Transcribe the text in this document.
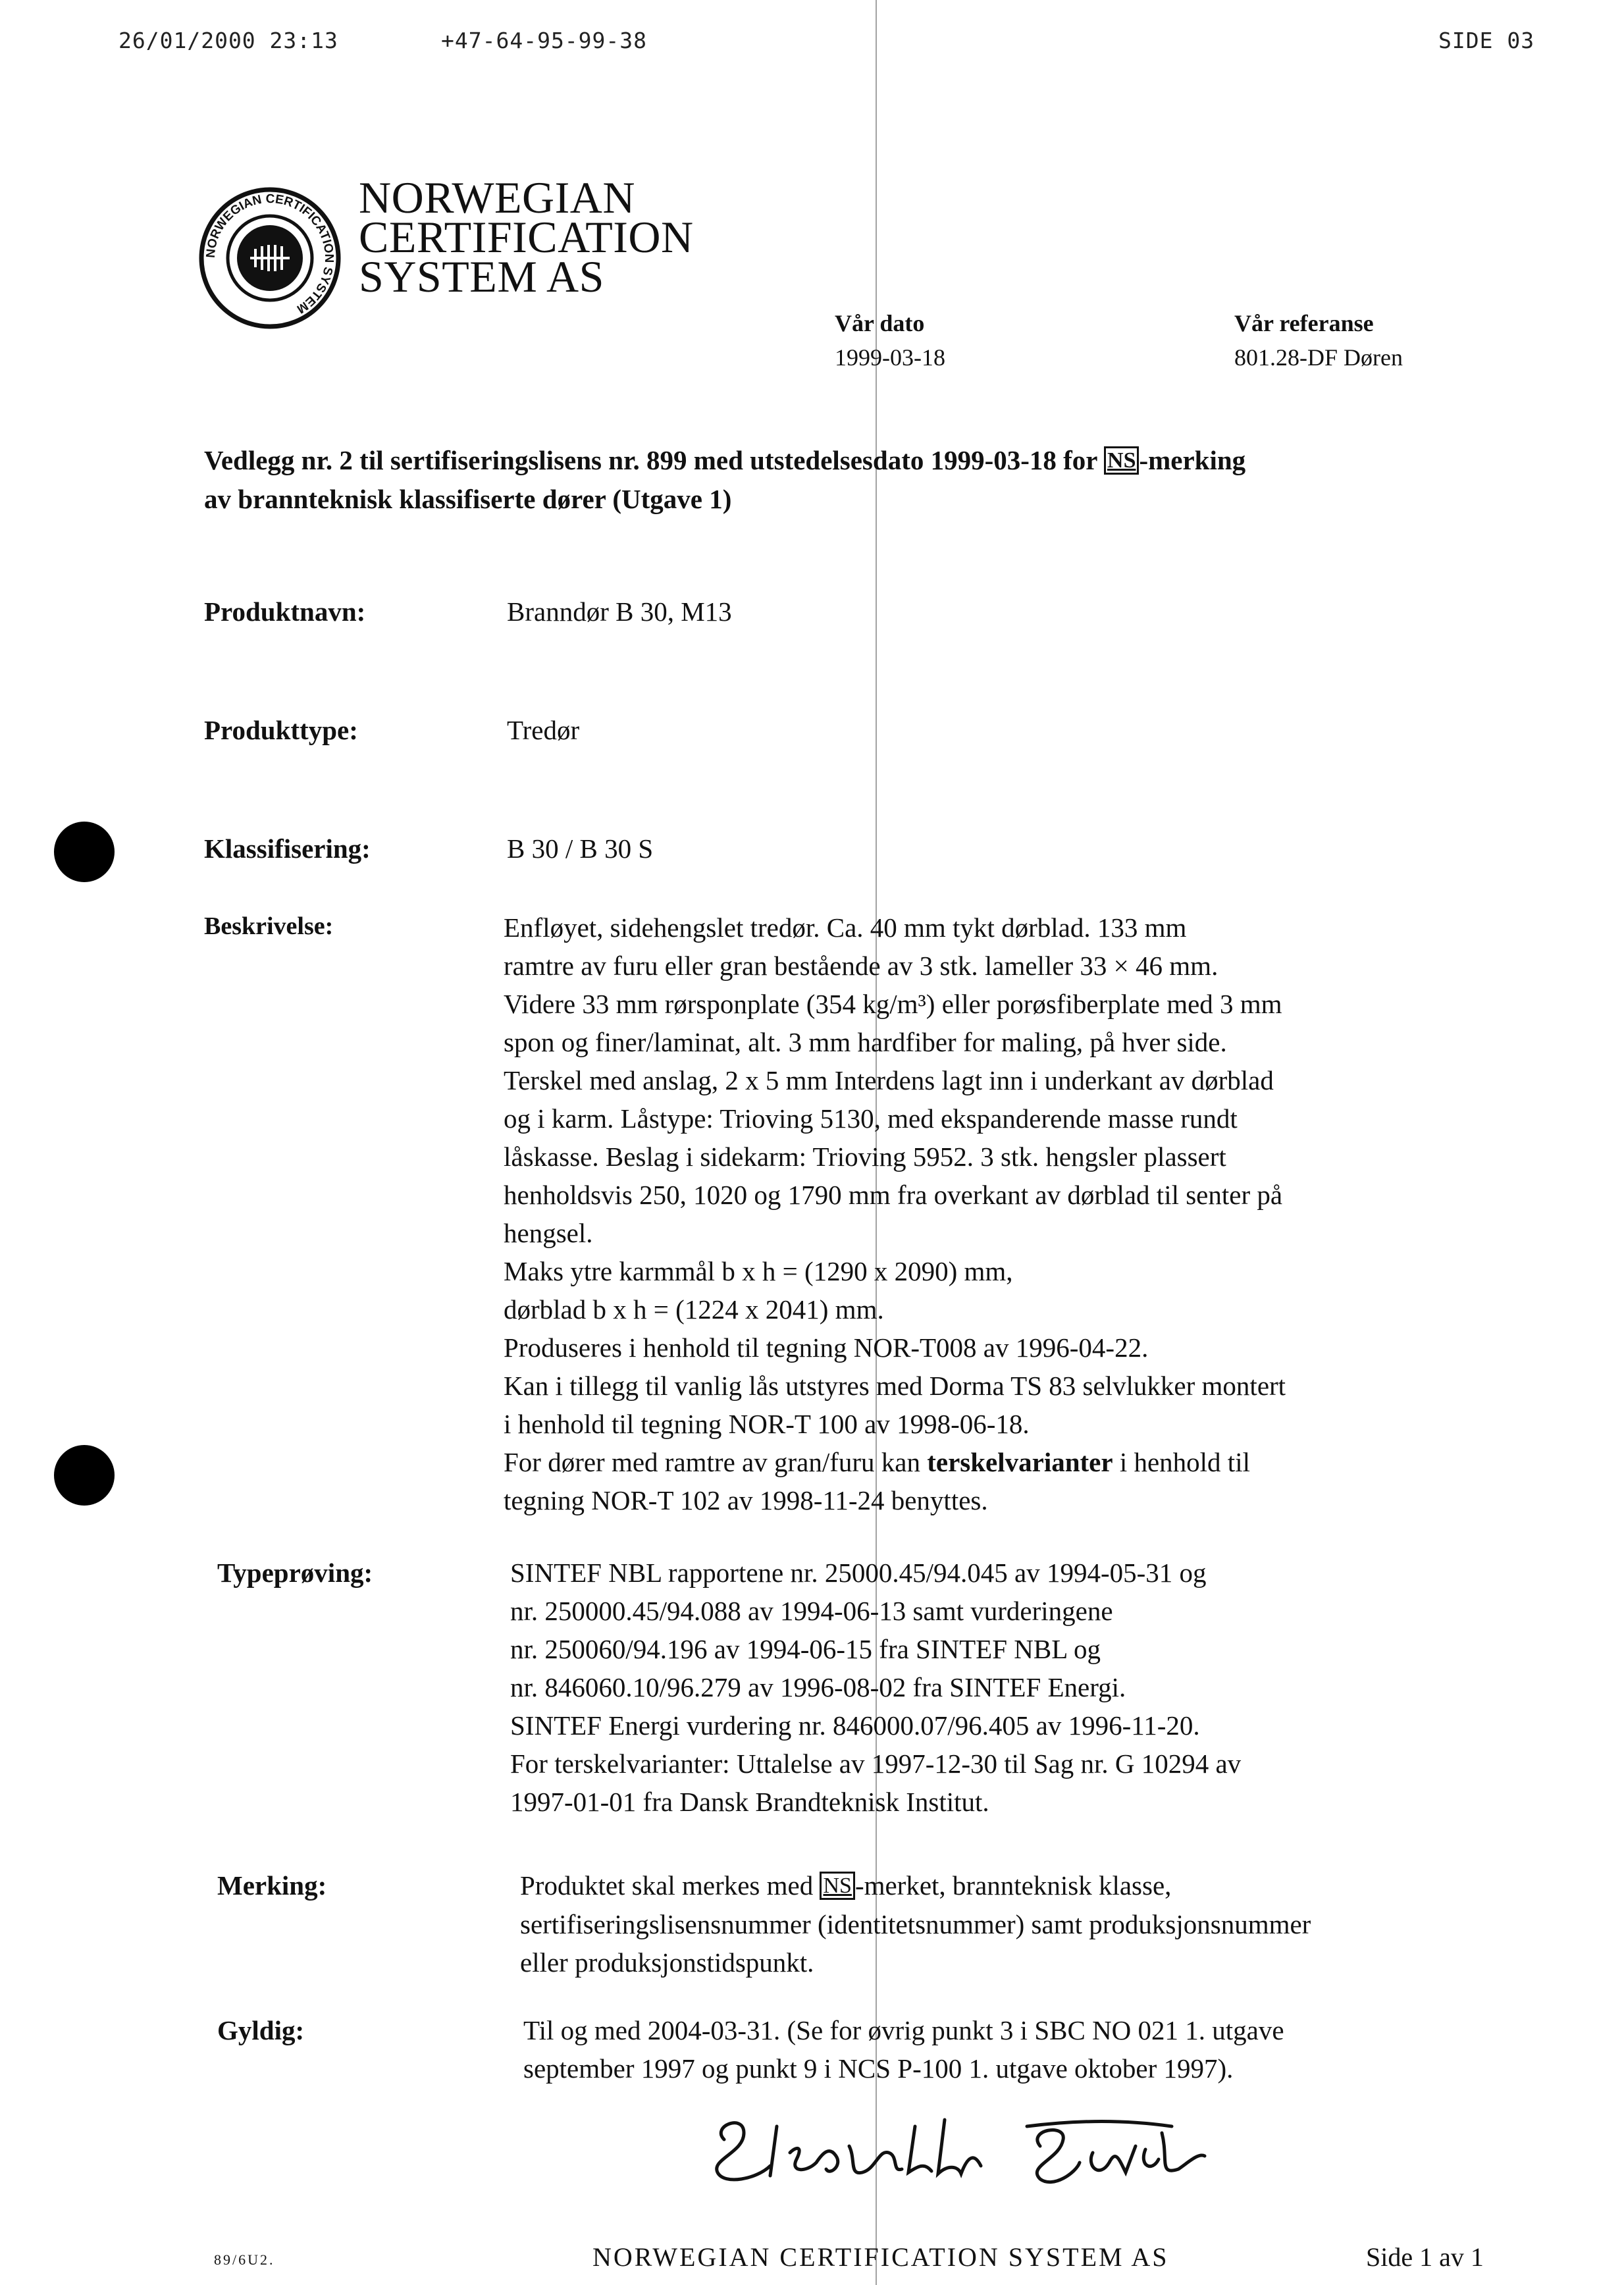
26/01/2000 23:13	+47-64-95-99-38	SIDE 03
NORWEGIAN CERTIFICATION SYSTEM
NORWEGIAN
CERTIFICATION
SYSTEM AS
Vår dato
1999-03-18
Vår referanse
801.28-DF Døren
Vedlegg nr. 2 til sertifiseringslisens nr. 899 med utstedelsesdato 1999-03-18 for NS -merking
av brannteknisk klassifiserte dører (Utgave 1)
Produktnavn:	Branndør B 30, M13
Produkttype:	Tredør
Klassifisering:	B 30 / B 30 S
Beskrivelse:	Enfløyet, sidehengslet tredør. Ca. 40 mm tykt dørblad. 133 mm
ramtre av furu eller gran bestående av 3 stk. lameller 33 × 46 mm.
Videre 33 mm rørsponplate (354 kg/m³) eller porøsfiberplate med 3 mm
spon og finer/laminat, alt. 3 mm hardfiber for maling, på hver side.
Terskel med anslag, 2 x 5 mm Interdens lagt inn i underkant av dørblad
og i karm. Låstype: Trioving 5130, med ekspanderende masse rundt
låskasse. Beslag i sidekarm: Trioving 5952. 3 stk. hengsler plassert
henholdsvis 250, 1020 og 1790 mm fra overkant av dørblad til senter på
hengsel.
Maks ytre karmmål b x h = (1290 x 2090) mm,
dørblad b x h = (1224 x 2041) mm.
Produseres i henhold til tegning NOR-T008 av 1996-04-22.
Kan i tillegg til vanlig lås utstyres med Dorma TS 83 selvlukker montert
i henhold til tegning NOR-T 100 av 1998-06-18.
For dører med ramtre av gran/furu kan terskelvarianter i henhold til
tegning NOR-T 102 av 1998-11-24 benyttes.
Typeprøving:	SINTEF NBL rapportene nr. 25000.45/94.045 av 1994-05-31 og
nr. 250000.45/94.088 av 1994-06-13 samt vurderingene
nr. 250060/94.196 av 1994-06-15 fra SINTEF NBL og
nr. 846060.10/96.279 av 1996-08-02 fra SINTEF Energi.
SINTEF Energi vurdering nr. 846000.07/96.405 av 1996-11-20.
For terskelvarianter: Uttalelse av 1997-12-30 til Sag nr. G 10294 av
1997-01-01 fra Dansk Brandteknisk Institut.
Merking:	Produktet skal merkes med NS -merket, brannteknisk klasse,
sertifiseringslisensnummer (identitetsnummer) samt produksjonsnummer
eller produksjonstidspunkt.
Gyldig:	Til og med 2004-03-31. (Se for øvrig punkt 3 i SBC NO 021 1. utgave
september 1997 og punkt 9 i NCS P-100 1. utgave oktober 1997).
89/6U2.	NORWEGIAN CERTIFICATION SYSTEM AS	Side 1 av 1
